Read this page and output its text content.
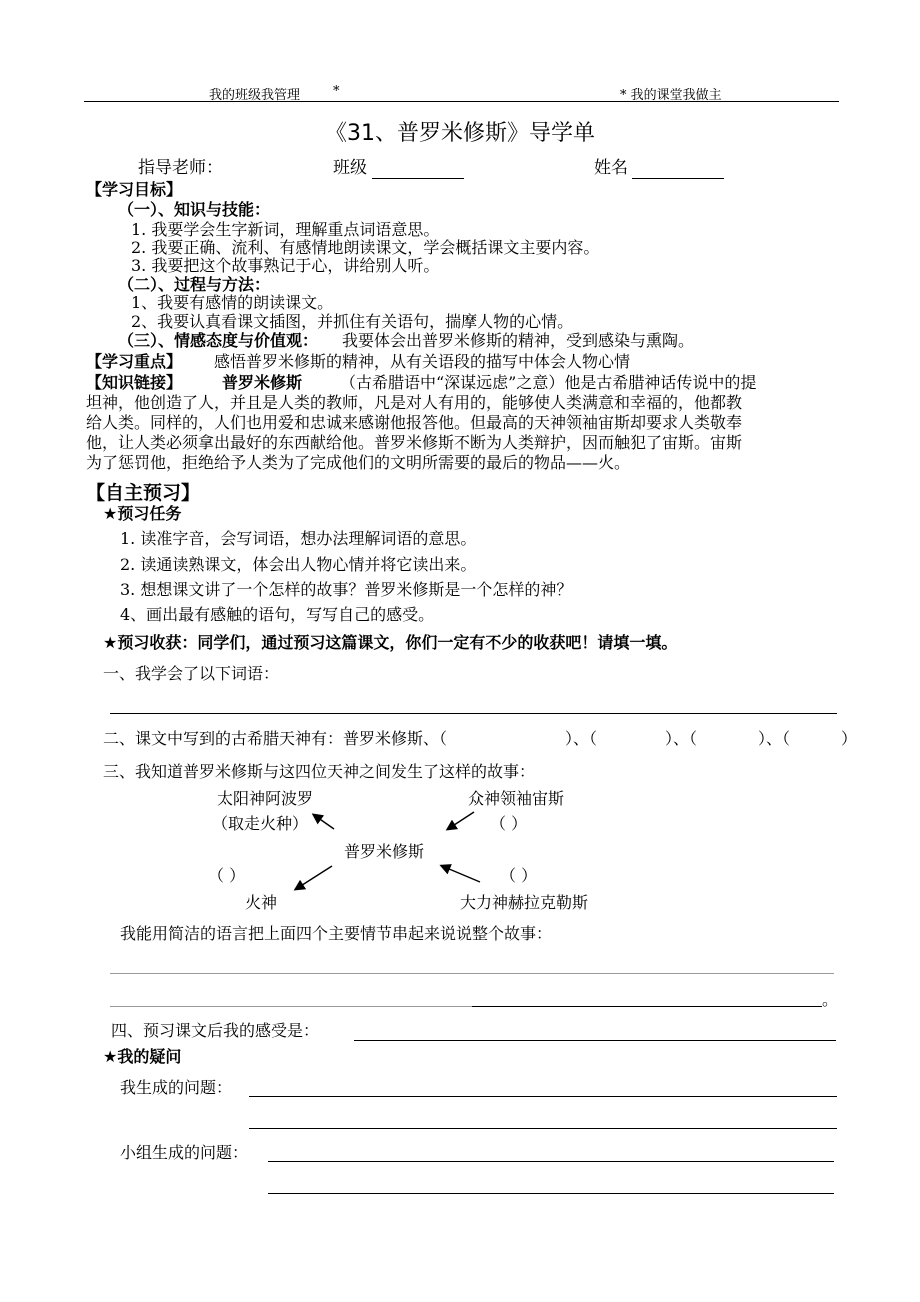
我的班级我管理	*	* 我的课堂我做主
《31、普罗米修斯》导学单
指导老师：	班级	姓名
【学习目标】
（一）、知识与技能：
1. 我要学会生字新词，理解重点词语意思。
2. 我要正确、流利、有感情地朗读课文，学会概括课文主要内容。
3. 我要把这个故事熟记于心，讲给别人听。
（二）、过程与方法：
1、我要有感情的朗读课文。
2、我要认真看课文插图，并抓住有关语句，揣摩人物的心情。
（三）、情感态度与价值观： 我要体会出普罗米修斯的精神，受到感染与熏陶。
【学习重点】 感悟普罗米修斯的精神，从有关语段的描写中体会人物心情
【知识链接】 普罗米修斯 （古希腊语中“深谋远虑”之意）他是古希腊神话传说中的提
坦神，他创造了人，并且是人类的教师，凡是对人有用的，能够使人类满意和幸福的，他都教
给人类。同样的，人们也用爱和忠诚来感谢他报答他。但最高的天神领袖宙斯却要求人类敬奉
他，让人类必须拿出最好的东西献给他。普罗米修斯不断为人类辩护，因而触犯了宙斯。宙斯
为了惩罚他，拒绝给予人类为了完成他们的文明所需要的最后的物品——火。
【自主预习】
★预习任务
1. 读准字音，会写词语，想办法理解词语的意思。
2. 读通读熟课文，体会出人物心情并将它读出来。
3. 想想课文讲了一个怎样的故事？普罗米修斯是一个怎样的神？
4、画出最有感触的语句，写写自己的感受。
★预习收获：同学们，通过预习这篇课文，你们一定有不少的收获吧！请填一填。
一、我学会了以下词语：
二、课文中写到的古希腊天神有：普罗米修斯、（	）、（	）、（	）、（	）
三、我知道普罗米修斯与这四位天神之间发生了这样的故事：
太阳神阿波罗
（取走火种）
众神领袖宙斯
（ ）
普罗米修斯
（ ）	（ ）
火神	大力神赫拉克勒斯
我能用简洁的语言把上面四个主要情节串起来说说整个故事：
。
四、预习课文后我的感受是：
★我的疑问
我生成的问题：
小组生成的问题：
